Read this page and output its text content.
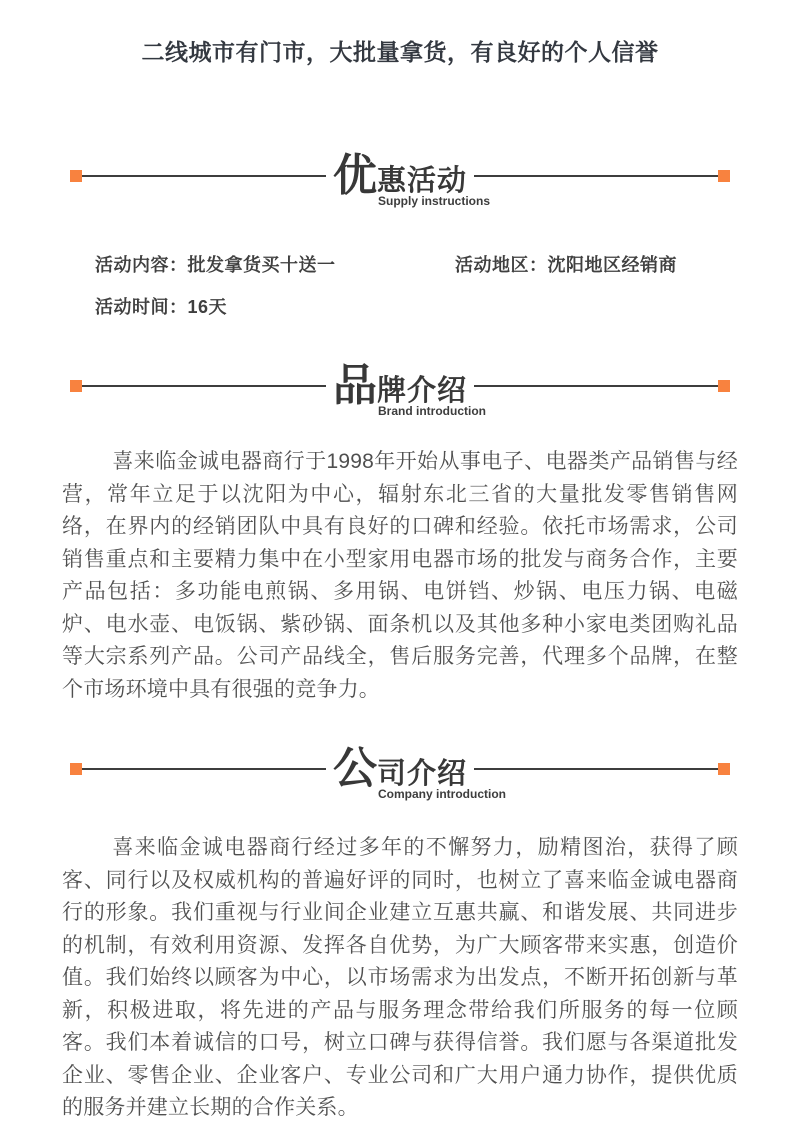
二线城市有门市，大批量拿货，有良好的个人信誉
优 惠活动
Supply instructions
活动内容：批发拿货买十送一	活动地区：沈阳地区经销商
活动时间：16天
品 牌介绍
Brand introduction

喜来临金诚电器商行于1998年开始从事电子、电器类产品销售与经营，常年立足于以沈阳为中心，辐射东北三省的大量批发零售销售网络，在界内的经销团队中具有良好的口碑和经验。依托市场需求，公司销售重点和主要精力集中在小型家用电器市场的批发与商务合作，主要产品包括：多功能电煎锅、多用锅、电饼铛、炒锅、电压力锅、电磁炉、电水壶、电饭锅、紫砂锅、面条机以及其他多种小家电类团购礼品等大宗系列产品。公司产品线全，售后服务完善，代理多个品牌，在整个市场环境中具有很强的竞争力。

公 司介绍
Company introduction

喜来临金诚电器商行经过多年的不懈努力，励精图治，获得了顾客、同行以及权威机构的普遍好评的同时，也树立了喜来临金诚电器商行的形象。我们重视与行业间企业建立互惠共赢、和谐发展、共同进步的机制，有效利用资源、发挥各自优势，为广大顾客带来实惠，创造价值。我们始终以顾客为中心，以市场需求为出发点，不断开拓创新与革新，积极进取，将先进的产品与服务理念带给我们所服务的每一位顾客。我们本着诚信的口号，树立口碑与获得信誉。我们愿与各渠道批发企业、零售企业、企业客户、专业公司和广大用户通力协作，提供优质的服务并建立长期的合作关系。
